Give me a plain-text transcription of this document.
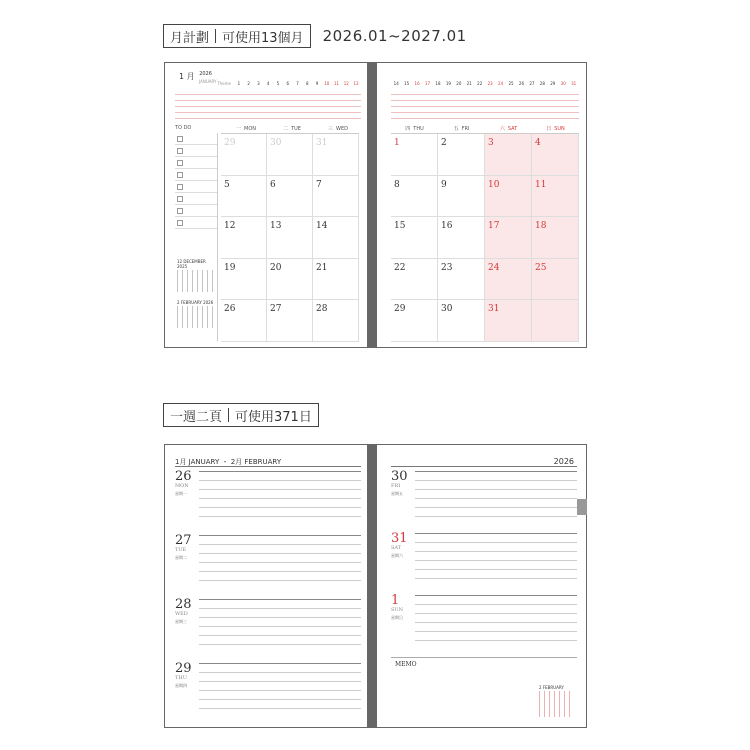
月計劃 可使用13個月 2026.01~2027.01
1 月 $^{2026}$
JANUARY Theme	1	2	3	4	5	6	7	8	9	10	11	12	13
TO DO	一 MON	二 TUE	三 WED
12 DECEMBER 2025
2 FEBRUARY 2026
29	30	31
5	6	7
12	13	14
19	20	21
26	27	28
14	15	16	17	18	19	20	21	22	23	24	25	26	27	28	29	30	31
四 THU	五 FRI	六 SAT	日 SUN
1	2	3	4
8	9	10	11
15	16	17	18
22	23	24	25
29	30	31
一週二頁 可使用371日
1月 JANUARY ・ 2月 FEBRUARY
26
MON
星期一
27
TUE
星期二
28
WED
星期三
29
THU
星期四
2026
30
FRI
星期五
31
SAT
星期六
1
SUN
星期日
MEMO
2 FEBRUARY
